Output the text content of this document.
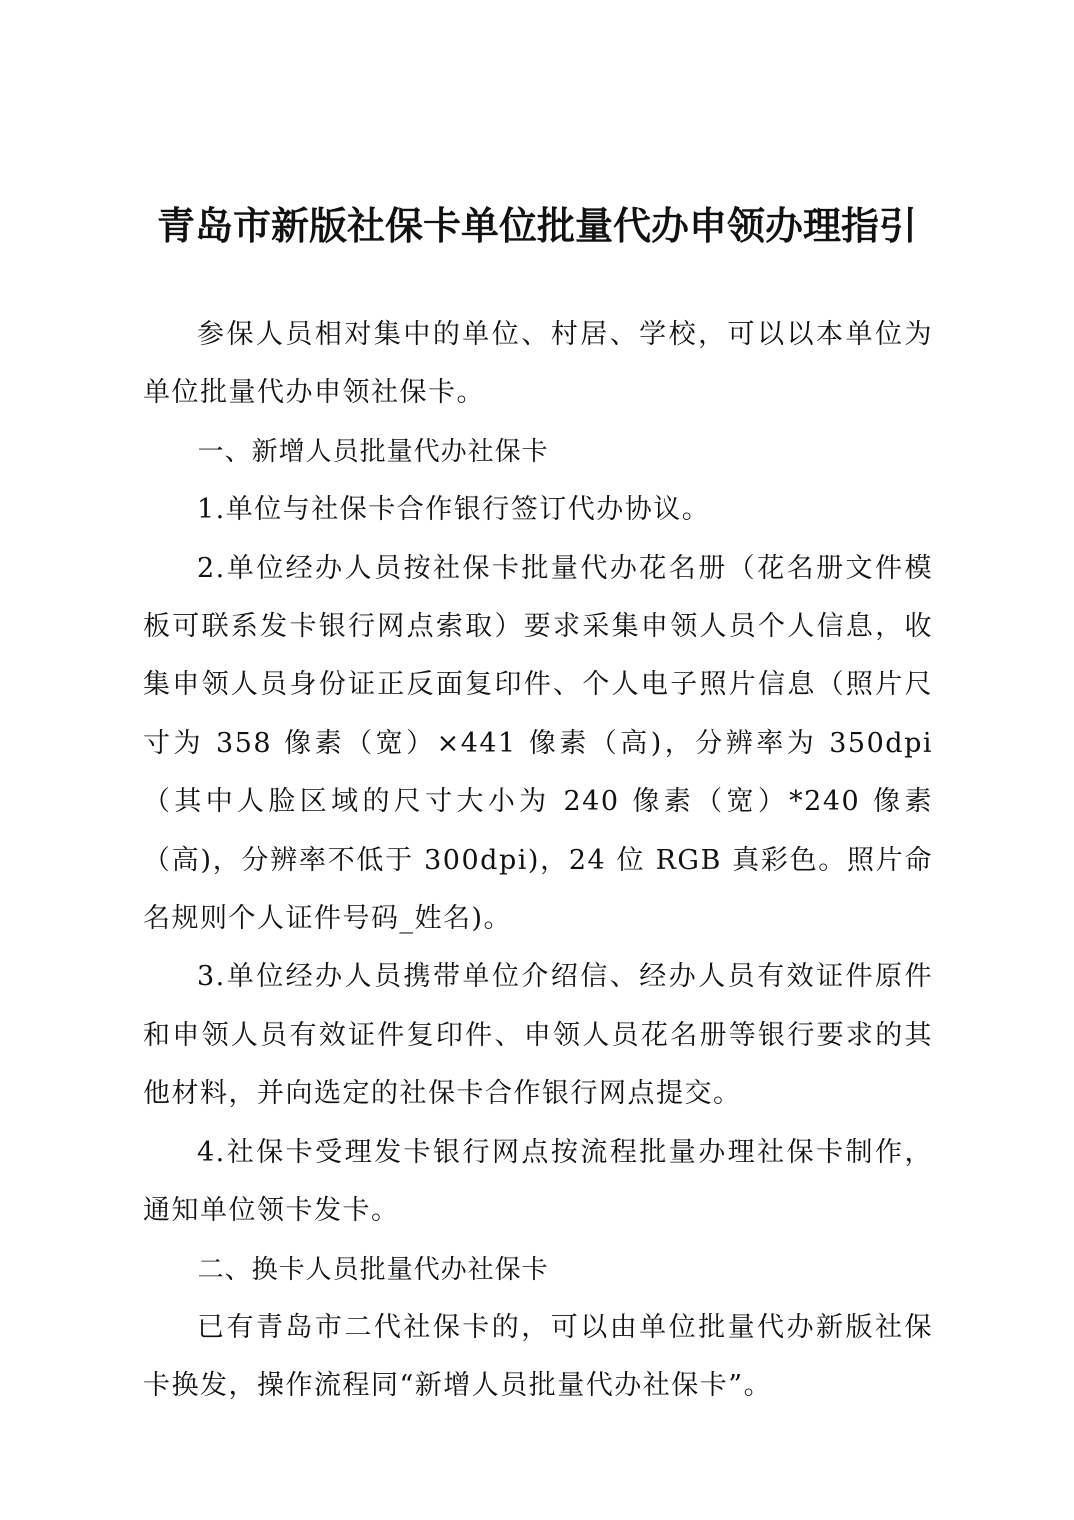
青岛市新版社保卡单位批量代办申领办理指引

参保人员相对集中的单位、村居、学校，可以以本单位为单位批量代办申领社保卡。

一、新增人员批量代办社保卡

1.单位与社保卡合作银行签订代办协议。

2.单位经办人员按社保卡批量代办花名册（花名册文件模板可联系发卡银行网点索取）要求采集申领人员个人信息，收集申领人员身份证正反面复印件、个人电子照片信息（照片尺寸为 358 像素（宽）×441 像素（高)，分辨率为 350dpi（其中人脸区域的尺寸大小为 240 像素（宽）*240 像素（高)，分辨率不低于 300dpi)，24 位 RGB 真彩色。照片命名规则个人证件号码_姓名)。

3.单位经办人员携带单位介绍信、经办人员有效证件原件和申领人员有效证件复印件、申领人员花名册等银行要求的其他材料，并向选定的社保卡合作银行网点提交。

4.社保卡受理发卡银行网点按流程批量办理社保卡制作，通知单位领卡发卡。

二、换卡人员批量代办社保卡

已有青岛市二代社保卡的，可以由单位批量代办新版社保卡换发，操作流程同“新增人员批量代办社保卡”。
